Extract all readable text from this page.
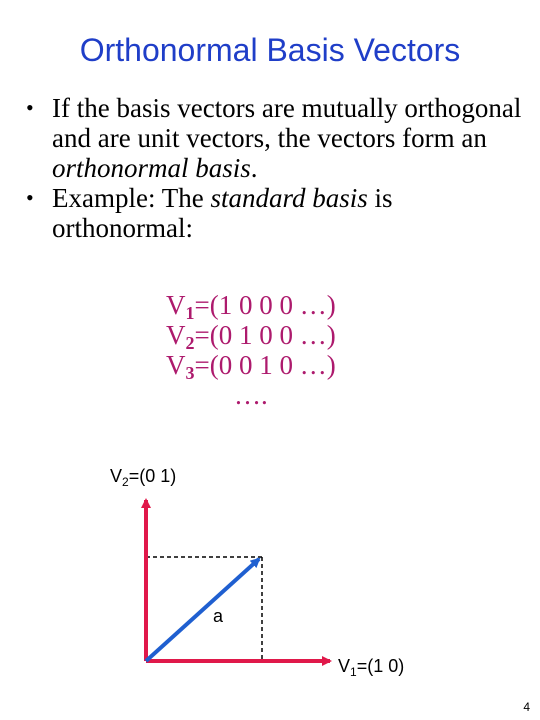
Orthonormal Basis Vectors
• If the basis vectors are mutually orthogonal and are unit vectors, the vectors form an orthonormal basis.
• Example: The standard basis is orthonormal:
$V_1=(1$ 0 0 0 …)
$V_2=(0$ 1 0 0 …)
$V_3=(0$ 0 1 0 …)
….
$V_2=(0$ 1)
a
$V_1=(1$ 0)
4
